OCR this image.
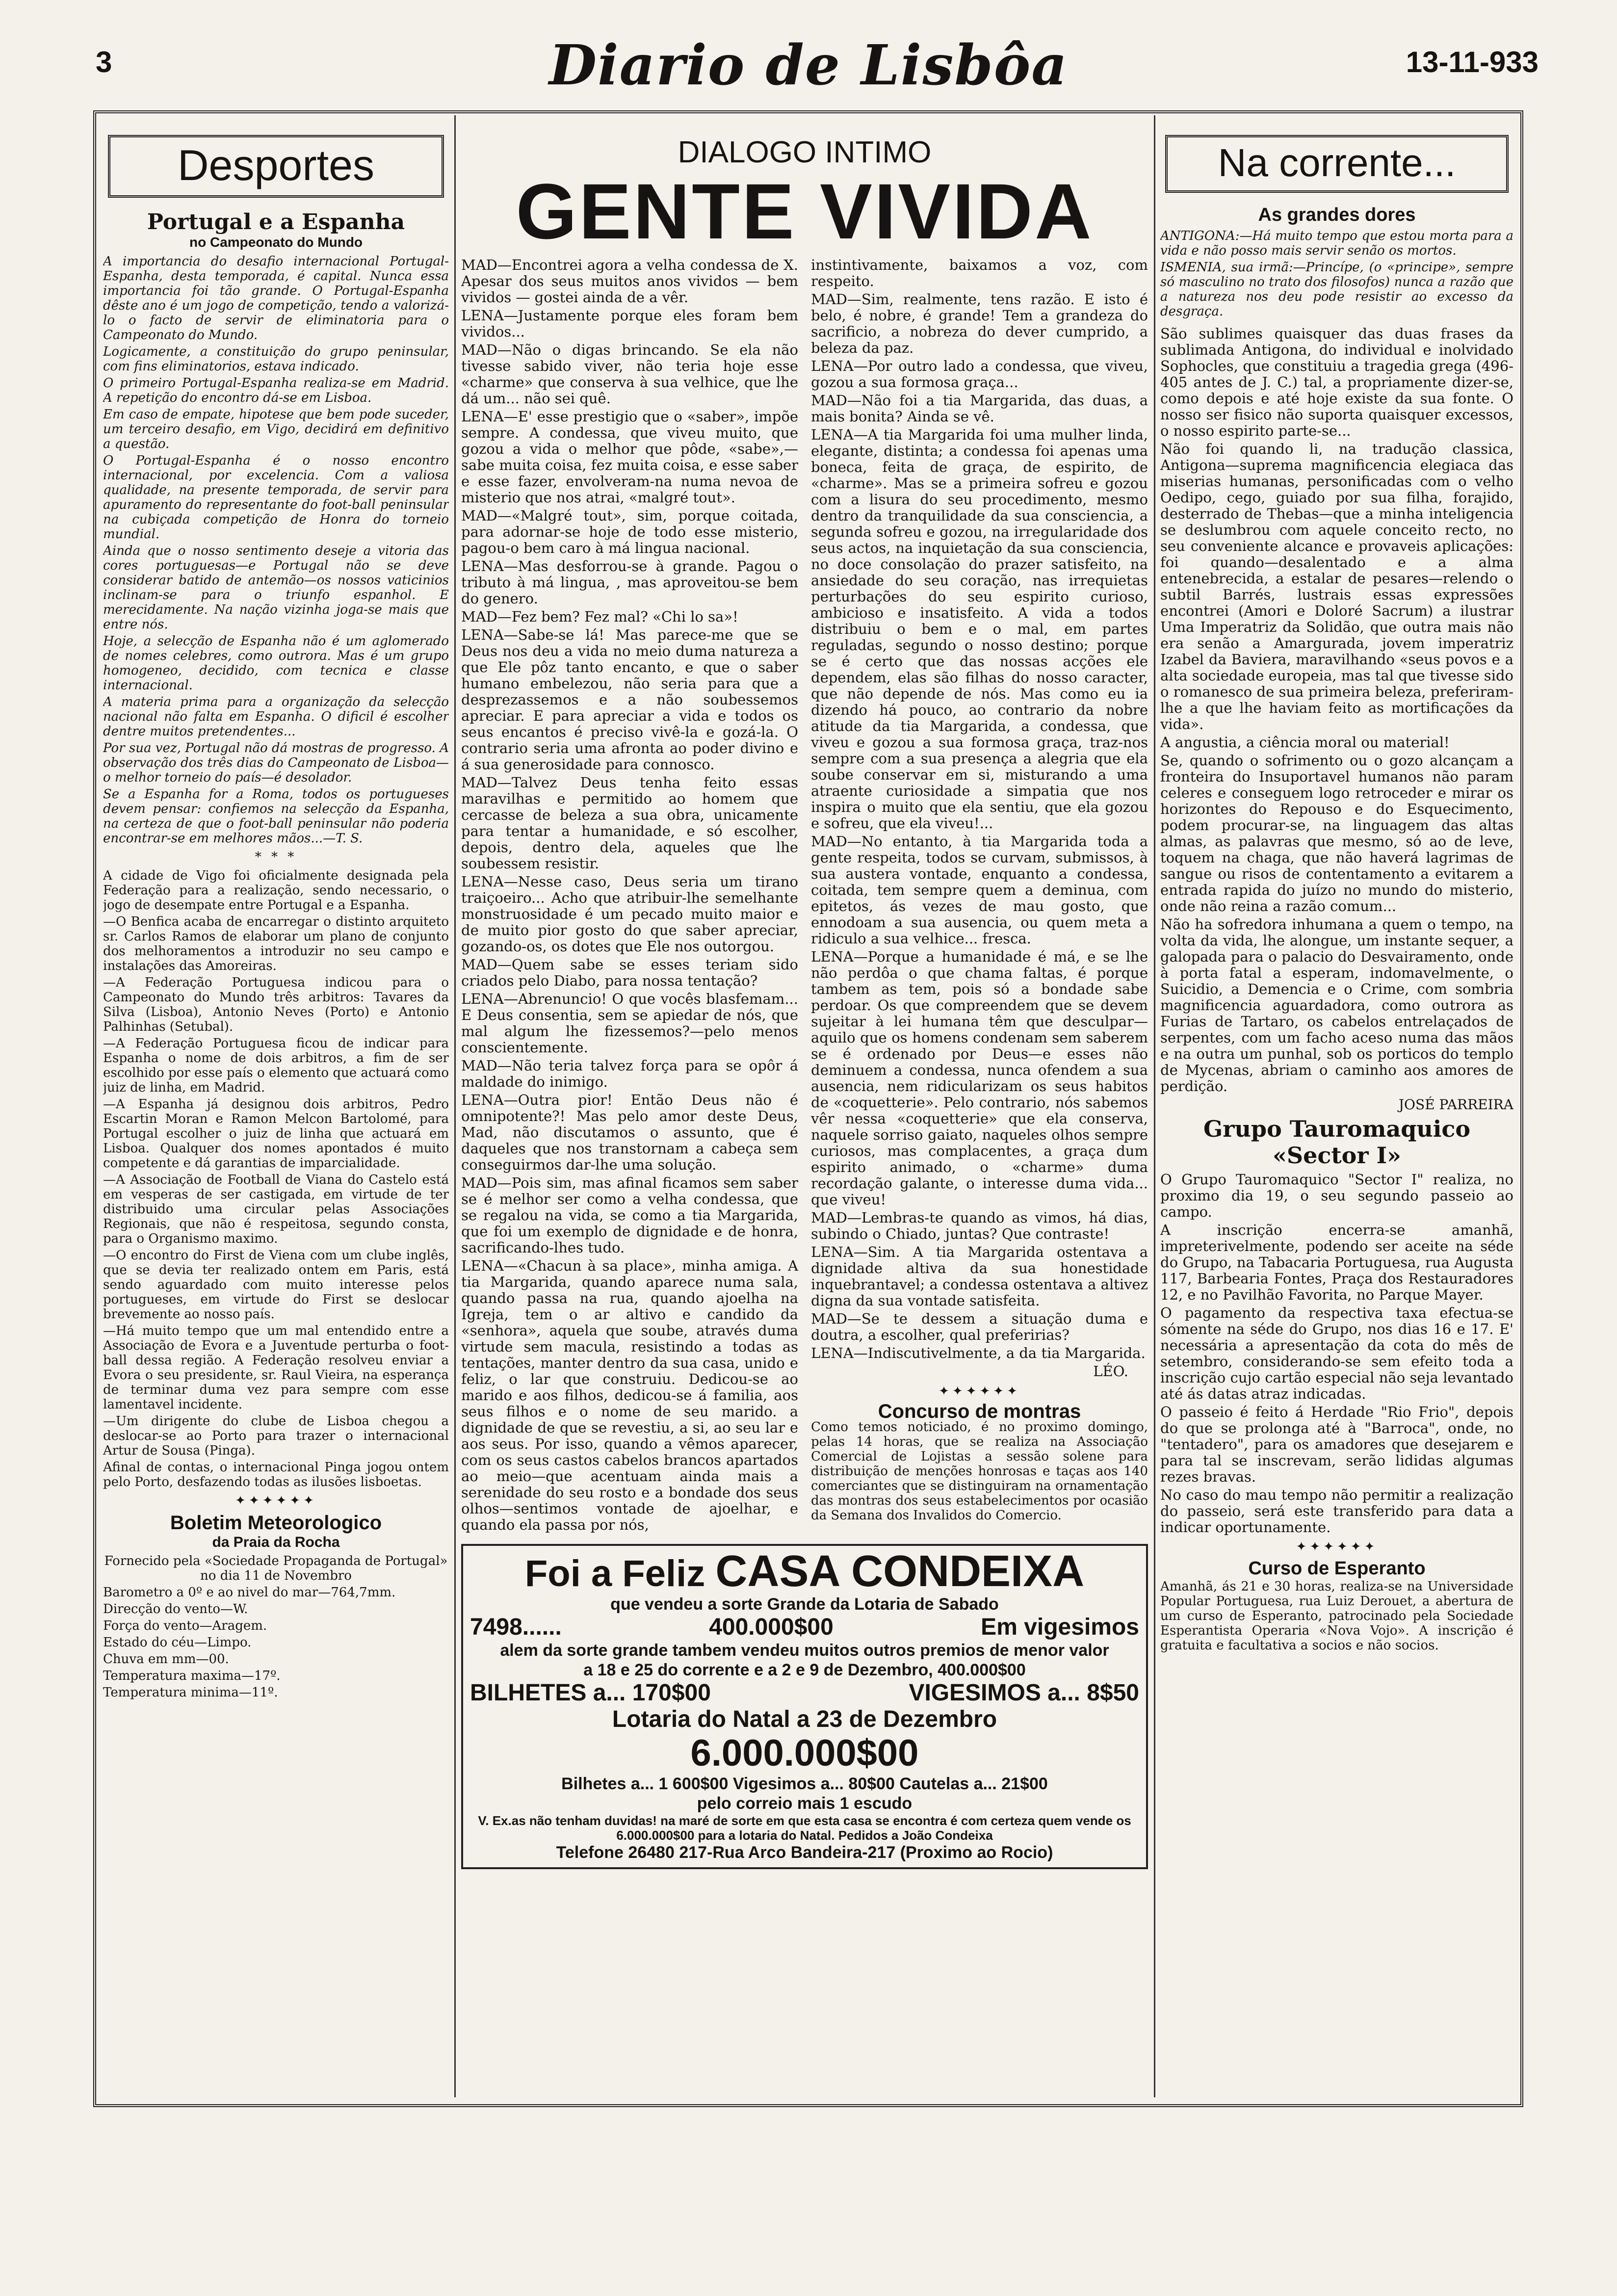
3	Diario de Lisbôa	13-11-933
Desportes
Portugal e a Espanha
no Campeonato do Mundo

A importancia do desafio internacional Portugal-Espanha, desta temporada, é capital. Nunca essa importancia foi tão grande. O Portugal-Espanha dêste ano é um jogo de competição, tendo a valorizá-lo o facto de servir de eliminatoria para o Campeonato do Mundo.

Logicamente, a constituição do grupo peninsular, com fins eliminatorios, estava indicado.

O primeiro Portugal-Espanha realiza-se em Madrid. A repetição do encontro dá-se em Lisboa.

Em caso de empate, hipotese que bem pode suceder, um terceiro desafio, em Vigo, decidirá em definitivo a questão.

O Portugal-Espanha é o nosso encontro internacional, por excelencia. Com a valiosa qualidade, na presente temporada, de servir para apuramento do representante do foot-ball peninsular na cubiçada competição de Honra do torneio mundial.

Ainda que o nosso sentimento deseje a vitoria das cores portuguesas—e Portugal não se deve considerar batido de antemão—os nossos vaticinios inclinam-se para o triunfo espanhol. E merecidamente. Na nação vizinha joga-se mais que entre nós.

Hoje, a selecção de Espanha não é um aglomerado de nomes celebres, como outrora. Mas é um grupo homogeneo, decidido, com tecnica e classe internacional.

A materia prima para a organização da selecção nacional não falta em Espanha. O dificil é escolher dentre muitos pretendentes...

Por sua vez, Portugal não dá mostras de progresso. A observação dos três dias do Campeonato de Lisboa—o melhor torneio do país—é desolador.

Se a Espanha for a Roma, todos os portugueses devem pensar: confiemos na selecção da Espanha, na certeza de que o foot-ball peninsular não poderia encontrar-se em melhores mãos...—T. S.

* * *

A cidade de Vigo foi oficialmente designada pela Federação para a realização, sendo necessario, o jogo de desempate entre Portugal e a Espanha.

—O Benfica acaba de encarregar o distinto arquiteto sr. Carlos Ramos de elaborar um plano de conjunto dos melhoramentos a introduzir no seu campo e instalações das Amoreiras.

—A Federação Portuguesa indicou para o Campeonato do Mundo três arbitros: Tavares da Silva (Lisboa), Antonio Neves (Porto) e Antonio Palhinhas (Setubal).

—A Federação Portuguesa ficou de indicar para Espanha o nome de dois arbitros, a fim de ser escolhido por esse país o elemento que actuará como juiz de linha, em Madrid.

—A Espanha já designou dois arbitros, Pedro Escartin Moran e Ramon Melcon Bartolomé, para Portugal escolher o juiz de linha que actuará em Lisboa. Qualquer dos nomes apontados é muito competente e dá garantias de imparcialidade.

—A Associação de Football de Viana do Castelo está em vesperas de ser castigada, em virtude de ter distribuido uma circular pelas Associações Regionais, que não é respeitosa, segundo consta, para o Organismo maximo.

—O encontro do First de Viena com um clube inglês, que se devia ter realizado ontem em Paris, está sendo aguardado com muito interesse pelos portugueses, em virtude do First se deslocar brevemente ao nosso país.

—Há muito tempo que um mal entendido entre a Associação de Evora e a Juventude perturba o foot-ball dessa região. A Federação resolveu enviar a Evora o seu presidente, sr. Raul Vieira, na esperança de terminar duma vez para sempre com esse lamentavel incidente.

—Um dirigente do clube de Lisboa chegou a deslocar-se ao Porto para trazer o internacional Artur de Sousa (Pinga).

Afinal de contas, o internacional Pinga jogou ontem pelo Porto, desfazendo todas as ilusões lisboetas.

✦✦✦✦✦✦
Boletim Meteorologico
da Praia da Rocha

Fornecido pela «Sociedade Propaganda de Portugal» no dia 11 de Novembro

Barometro a 0º e ao nivel do mar—764,7mm.

Direcção do vento—W.

Força do vento—Aragem.

Estado do céu—Limpo.

Chuva em mm—00.

Temperatura maxima—17º.

Temperatura minima—11º.

DIALOGO INTIMO
GENTE VIVIDA

MAD—Encontrei agora a velha condessa de X. Apesar dos seus muitos anos vividos — bem vividos — gostei ainda de a vêr.

LENA—Justamente porque eles foram bem vividos...

MAD—Não o digas brincando. Se ela não tivesse sabido viver, não teria hoje esse «charme» que conserva à sua velhice, que lhe dá um... não sei quê.

LENA—E' esse prestigio que o «saber», impõe sempre. A condessa, que viveu muito, que gozou a vida o melhor que pôde, «sabe»,—sabe muita coisa, fez muita coisa, e esse saber e esse fazer, envolveram-na numa nevoa de misterio que nos atrai, «malgré tout».

MAD—«Malgré tout», sim, porque coitada, para adornar-se hoje de todo esse misterio, pagou-o bem caro à má lingua nacional.

LENA—Mas desforrou-se à grande. Pagou o tributo à má lingua, , mas aproveitou-se bem do genero.

MAD—Fez bem? Fez mal? «Chi lo sa»!

LENA—Sabe-se lá! Mas parece-me que se Deus nos deu a vida no meio duma natureza a que Ele pôz tanto encanto, e que o saber humano embelezou, não seria para que a desprezassemos e a não soubessemos apreciar. E para apreciar a vida e todos os seus encantos é preciso vivê-la e gozá-la. O contrario seria uma afronta ao poder divino e á sua generosidade para connosco.

MAD—Talvez Deus tenha feito essas maravilhas e permitido ao homem que cercasse de beleza a sua obra, unicamente para tentar a humanidade, e só escolher, depois, dentro dela, aqueles que lhe soubessem resistir.

LENA—Nesse caso, Deus seria um tirano traiçoeiro... Acho que atribuir-lhe semelhante monstruosidade é um pecado muito maior e de muito pior gosto do que saber apreciar, gozando-os, os dotes que Ele nos outorgou.

MAD—Quem sabe se esses teriam sido criados pelo Diabo, para nossa tentação?

LENA—Abrenuncio! O que vocês blasfemam... E Deus consentia, sem se apiedar de nós, que mal algum lhe fizessemos?—pelo menos conscientemente.

MAD—Não teria talvez força para se opôr á maldade do inimigo.

LENA—Outra pior! Então Deus não é omnipotente?! Mas pelo amor deste Deus, Mad, não discutamos o assunto, que é daqueles que nos transtornam a cabeça sem conseguirmos dar-lhe uma solução.

MAD—Pois sim, mas afinal ficamos sem saber se é melhor ser como a velha condessa, que se regalou na vida, se como a tia Margarida, que foi um exemplo de dignidade e de honra, sacrificando-lhes tudo.

LENA—«Chacun à sa place», minha amiga. A tia Margarida, quando aparece numa sala, quando passa na rua, quando ajoelha na Igreja, tem o ar altivo e candido da «senhora», aquela que soube, através duma virtude sem macula, resistindo a todas as tentações, manter dentro da sua casa, unido e feliz, o lar que construiu. Dedicou-se ao marido e aos filhos, dedicou-se á familia, aos seus filhos e o nome de seu marido. a dignidade de que se revestiu, a si, ao seu lar e aos seus. Por isso, quando a vêmos aparecer, com os seus castos cabelos brancos apartados ao meio—que acentuam ainda mais a serenidade do seu rosto e a bondade dos seus olhos—sentimos vontade de ajoelhar, e quando ela passa por nós,

instintivamente, baixamos a voz, com respeito.

MAD—Sim, realmente, tens razão. E isto é belo, é nobre, é grande! Tem a grandeza do sacrificio, a nobreza do dever cumprido, a beleza da paz.

LENA—Por outro lado a condessa, que viveu, gozou a sua formosa graça...

MAD—Não foi a tia Margarida, das duas, a mais bonita? Ainda se vê.

LENA—A tia Margarida foi uma mulher linda, elegante, distinta; a condessa foi apenas uma boneca, feita de graça, de espirito, de «charme». Mas se a primeira sofreu e gozou com a lisura do seu procedimento, mesmo dentro da tranquilidade da sua consciencia, a segunda sofreu e gozou, na irregularidade dos seus actos, na inquietação da sua consciencia, no doce consolação do prazer satisfeito, na ansiedade do seu coração, nas irrequietas perturbações do seu espirito curioso, ambicioso e insatisfeito. A vida a todos distribuiu o bem e o mal, em partes reguladas, segundo o nosso destino; porque se é certo que das nossas acções ele dependem, elas são filhas do nosso caracter, que não depende de nós. Mas como eu ia dizendo há pouco, ao contrario da nobre atitude da tia Margarida, a condessa, que viveu e gozou a sua formosa graça, traz-nos sempre com a sua presença a alegria que ela soube conservar em si, misturando a uma atraente curiosidade a simpatia que nos inspira o muito que ela sentiu, que ela gozou e sofreu, que ela viveu!...

MAD—No entanto, à tia Margarida toda a gente respeita, todos se curvam, submissos, à sua austera vontade, enquanto a condessa, coitada, tem sempre quem a deminua, com epitetos, ás vezes de mau gosto, que ennodoam a sua ausencia, ou quem meta a ridiculo a sua velhice... fresca.

LENA—Porque a humanidade é má, e se lhe não perdôa o que chama faltas, é porque tambem as tem, pois só a bondade sabe perdoar. Os que compreendem que se devem sujeitar à lei humana têm que desculpar—aquilo que os homens condenam sem saberem se é ordenado por Deus—e esses não deminuem a condessa, nunca ofendem a sua ausencia, nem ridicularizam os seus habitos de «coquetterie». Pelo contrario, nós sabemos vêr nessa «coquetterie» que ela conserva, naquele sorriso gaiato, naqueles olhos sempre curiosos, mas complacentes, a graça dum espirito animado, o «charme» duma recordação galante, o interesse duma vida... que viveu!

MAD—Lembras-te quando as vimos, há dias, subindo o Chiado, juntas? Que contraste!

LENA—Sim. A tia Margarida ostentava a dignidade altiva da sua honestidade inquebrantavel; a condessa ostentava a altivez digna da sua vontade satisfeita.

MAD—Se te dessem a situação duma e doutra, a escolher, qual preferirias?

LENA—Indiscutivelmente, a da tia Margarida.

LÉO.

✦✦✦✦✦✦
Concurso de montras

Como temos noticiado, é no proximo domingo, pelas 14 horas, que se realiza na Associação Comercial de Lojistas a sessão solene para distribuição de menções honrosas e taças aos 140 comerciantes que se distinguiram na ornamentação das montras dos seus estabelecimentos por ocasião da Semana dos Invalidos do Comercio.

Foi a Feliz CASA CONDEIXA
que vendeu a sorte Grande da Lotaria de Sabado
7498......	400.000$00	Em vigesimos
alem da sorte grande tambem vendeu muitos outros premios de menor valor
a 18 e 25 do corrente e a 2 e 9 de Dezembro, 400.000$00
BILHETES a... 170$00	VIGESIMOS a... 8$50
Lotaria do Natal a 23 de Dezembro
6.000.000$00
Bilhetes a... 1 600$00 Vigesimos a... 80$00 Cautelas a... 21$00
pelo correio mais 1 escudo
V. Ex.as não tenham duvidas! na maré de sorte em que esta casa se encontra é com certeza quem vende os 6.000.000$00 para a lotaria do Natal. Pedidos a João Condeixa
Telefone 26480 217-Rua Arco Bandeira-217 (Proximo ao Rocio)
Na corrente...
As grandes dores

ANTIGONA:—Há muito tempo que estou morta para a vida e não posso mais servir senão os mortos.

ISMENIA, sua irmã:—Princípe, (o «principe», sempre só masculino no trato dos filosofos) nunca a razão que a natureza nos deu pode resistir ao excesso da desgraça.

São sublimes quaisquer das duas frases da sublimada Antigona, do individual e inolvidado Sophocles, que constituiu a tragedia grega (496-405 antes de J. C.) tal, a propriamente dizer-se, como depois e até hoje existe da sua fonte. O nosso ser fisico não suporta quaisquer excessos, o nosso espirito parte-se...

Não foi quando li, na tradução classica, Antigona—suprema magnificencia elegiaca das miserias humanas, personificadas com o velho Oedipo, cego, guiado por sua filha, forajido, desterrado de Thebas—que a minha inteligencia se deslumbrou com aquele conceito recto, no seu conveniente alcance e provaveis aplicações: foi quando—desalentado e a alma entenebrecida, a estalar de pesares—relendo o subtil Barrés, lustrais essas expressões encontrei (Amori e Doloré Sacrum) a ilustrar Uma Imperatriz da Solidão, que outra mais não era senão a Amargurada, jovem imperatriz Izabel da Baviera, maravilhando «seus povos e a alta sociedade europeia, mas tal que tivesse sido o romanesco de sua primeira beleza, preferiram-lhe a que lhe haviam feito as mortificações da vida».

A angustia, a ciência moral ou material!

Se, quando o sofrimento ou o gozo alcançam a fronteira do Insuportavel humanos não param celeres e conseguem logo retroceder e mirar os horizontes do Repouso e do Esquecimento, podem procurar-se, na linguagem das altas almas, as palavras que mesmo, só ao de leve, toquem na chaga, que não haverá lagrimas de sangue ou risos de contentamento a evitarem a entrada rapida do juízo no mundo do misterio, onde não reina a razão comum...

Não ha sofredora inhumana a quem o tempo, na volta da vida, lhe alongue, um instante sequer, a galopada para o palacio do Desvairamento, onde à porta fatal a esperam, indomavelmente, o Suicidio, a Demencia e o Crime, com sombria magnificencia aguardadora, como outrora as Furias de Tartaro, os cabelos entrelaçados de serpentes, com um facho aceso numa das mãos e na outra um punhal, sob os porticos do templo de Mycenas, abriam o caminho aos amores de perdição.

JOSÉ PARREIRA

Grupo Tauromaquico «Sector I»

O Grupo Tauromaquico "Sector I" realiza, no proximo dia 19, o seu segundo passeio ao campo.

A inscrição encerra-se amanhã, impreterivelmente, podendo ser aceite na séde do Grupo, na Tabacaria Portuguesa, rua Augusta 117, Barbearia Fontes, Praça dos Restauradores 12, e no Pavilhão Favorita, no Parque Mayer.

O pagamento da respectiva taxa efectua-se sómente na séde do Grupo, nos dias 16 e 17. E' necessária a apresentação da cota do mês de setembro, considerando-se sem efeito toda a inscrição cujo cartão especial não seja levantado até ás datas atraz indicadas.

O passeio é feito á Herdade "Rio Frio", depois do que se prolonga até à "Barroca", onde, no "tentadero", para os amadores que desejarem e para tal se inscrevam, serão lididas algumas rezes bravas.

No caso do mau tempo não permitir a realização do passeio, será este transferido para data a indicar oportunamente.

✦✦✦✦✦✦
Curso de Esperanto

Amanhã, ás 21 e 30 horas, realiza-se na Universidade Popular Portuguesa, rua Luiz Derouet, a abertura de um curso de Esperanto, patrocinado pela Sociedade Esperantista Operaria «Nova Vojo». A inscrição é gratuita e facultativa a socios e não socios.
